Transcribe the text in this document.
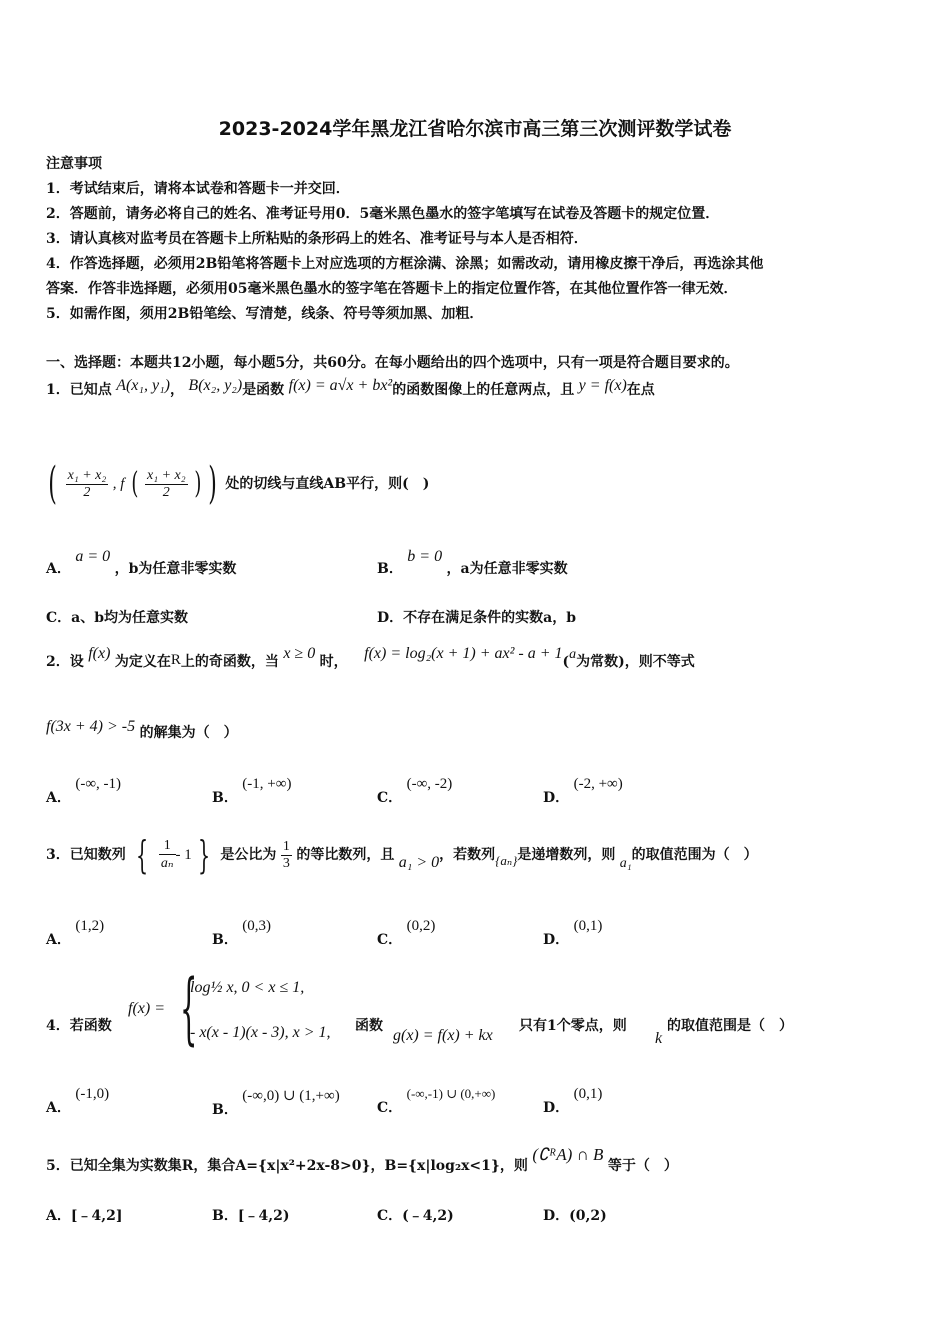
2023-2024学年黑龙江省哈尔滨市高三第三次测评数学试卷
注意事项
1．考试结束后，请将本试卷和答题卡一并交回．
2．答题前，请务必将自己的姓名、准考证号用0．5毫米黑色墨水的签字笔填写在试卷及答题卡的规定位置．
3．请认真核对监考员在答题卡上所粘贴的条形码上的姓名、准考证号与本人是否相符．
4．作答选择题，必须用2B铅笔将答题卡上对应选项的方框涂满、涂黑；如需改动，请用橡皮擦干净后，再选涂其他
答案．作答非选择题，必须用05毫米黑色墨水的签字笔在答题卡上的指定位置作答，在其他位置作答一律无效．
5．如需作图，须用2B铅笔绘、写清楚，线条、符号等须加黑、加粗．
一、选择题：本题共12小题，每小题5分，共60分。在每小题给出的四个选项中，只有一项是符合题目要求的。
1．已知点 A(x₁, y₁)， B(x₂, y₂)是函数 f(x) = a√x + bx²的函数图像上的任意两点，且 y = f(x)在点
( $\frac{\text{x₁ + x₂}}{2}$ , f ( $\frac{\text{x₁ + x₂}}{2}$ ) ) 处的切线与直线AB平行，则(　)
A． a = 0 ，b为任意非零实数	B． b = 0 ，a为任意非零实数
C．a、b均为任意实数	D．不存在满足条件的实数a，b
2．设 f(x) 为定义在R上的奇函数，当 x ≥ 0 时， f(x) = log₂(x + 1) + ax² - a + 1(a为常数)，则不等式
f(3x + 4) > -5 的解集为（　）
A． (-∞, -1)
B． (-1, +∞)
C． (-∞, -2)
D． (-2, +∞)
3．已知数列 { $\frac{1}{\text{aₙ}} - 1$ } 是公比为 $\frac{1}{3}$ 的等比数列，且 a₁ > 0，若数列{aₙ}是递增数列，则 a₁的取值范围为（　）
A． (1,2)
B． (0,3)
C． (0,2)
D． (0,1)
4．若函数
f(x) = {
log½ x, 0 < x ≤ 1,
- x(x - 1)(x - 3), x > 1, 函数
g(x) = f(x) + kx
只有1个零点，则
k
的取值范围是（　）
A． (-1,0)
B． (-∞,0) ∪ (1,+∞)
C． (-∞,-1) ∪ (0,+∞)
D． (0,1)
5．已知全集为实数集R，集合A={x|x²+2x-8>0}，B={x|log₂x<1}，则 (∁ᴿA) ∩ B 等于（　）
A．[﹣4,2]	B．[﹣4,2)	C．(﹣4,2)	D．(0,2)
